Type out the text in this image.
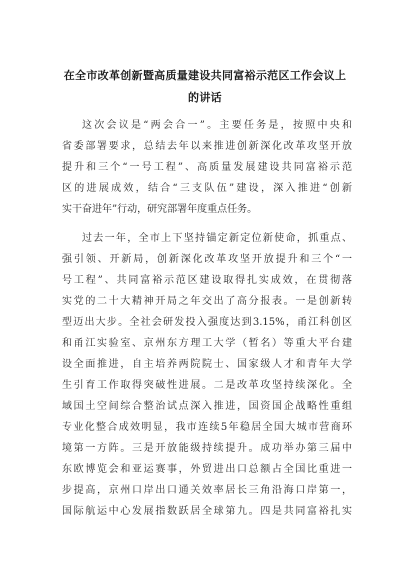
在全市改革创新暨高质量建设共同富裕示范区工作会议上
的讲话
这次会议是“两会合一”。主要任务是，按照中央和
省委部署要求，总结去年以来推进创新深化改革攻坚开放
提升和三个“一号工程”、高质量发展建设共同富裕示范
区的进展成效，结合“三支队伍”建设，深入推进“创新
实干奋进年”行动，研究部署年度重点任务。
过去一年，全市上下坚持锚定新定位新使命，抓重点、
强引领、开新局，创新深化改革攻坚开放提升和三个“一
号工程”、共同富裕示范区建设取得扎实成效，在贯彻落
实党的二十大精神开局之年交出了高分报表。一是创新转
型迈出大步。全社会研发投入强度达到3.15%，甬江科创区
和甬江实验室、京州东方理工大学（暂名）等重大平台建
设全面推进，自主培养两院院士、国家级人才和青年大学
生引育工作取得突破性进展。二是改革攻坚持续深化。全
域国土空间综合整治试点深入推进，国资国企战略性重组
专业化整合成效明显，我市连续5年稳居全国大城市营商环
境第一方阵。三是开放能级持续提升。成功举办第三届中
东欧博览会和亚运赛事，外贸进出口总额占全国比重进一
步提高，京州口岸出口通关效率居长三角沿海口岸第一，
国际航运中心发展指数跃居全球第九。四是共同富裕扎实
